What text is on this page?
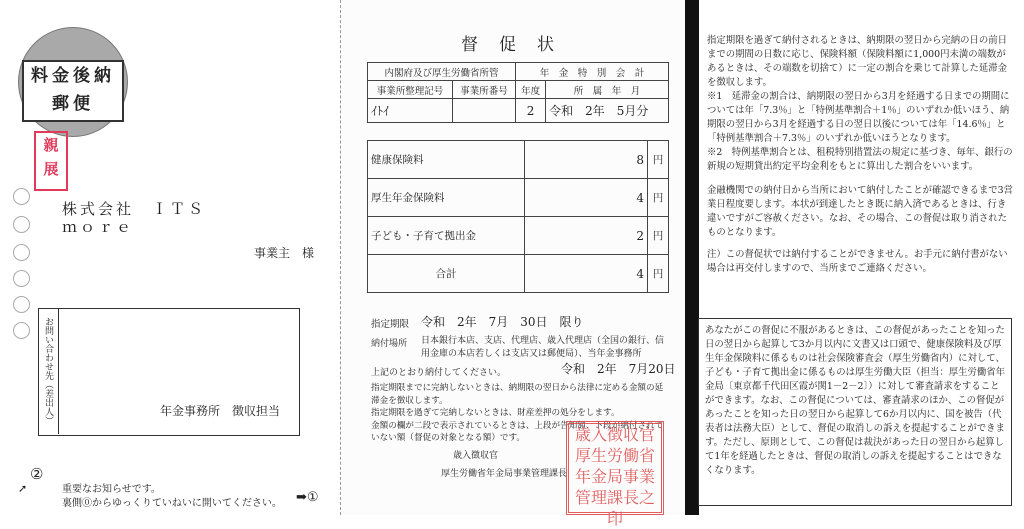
料金後納
郵便
親
展
株式会社　ＩＴＳ
ｍｏｒｅ
事業主　様
お問い合わせ先（差出人）	年金事務所　徴収担当
②
➚	重要なお知らせです。
裏側⓪からゆっくりていねいに開いてください。 ➡①
督　促　状
内閣府及び厚生労働省所管		年　金　特　別　会　計	
事業所整理記号	事業所番号	年度	所　属　年　月
ｲﾄｲ		2	令和　2年　5月分
健康保険料	8	円
厚生年金保険料	4	円
子ども・子育て拠出金	2	円
合計	4	円
指定期限 令和　2年　7月　30日　限り
納付場所 日本銀行本店、支店、代理店、歳入代理店（全国の銀行、信用金庫の本店若しくは支店又は郵便局）、当年金事務所
上記のとおり納付してください。	令和　2年　7月20日
指定期限までに完納しないときは、納期限の翌日から法律に定める金額の延滞金を徴収します。
指定期限を過ぎて完納しないときは、財産差押の処分をします。
金額の欄が二段で表示されているときは、上段が告知額、下段が納付されていない額（督促の対象となる額）です。
歳入徴収官
厚生労働省年金局事業管理課長
歳入徴収官厚生労働省年金局事業管理課長之印
指定期限を過ぎて納付されるときは、納期限の翌日から完納の日の前日までの期間の日数に応じ、保険料額（保険料額に1,000円未満の端数があるときは、その端数を切捨て）に一定の割合を乗じて計算した延滞金を徴収します。
※1　延滞金の割合は、納期限の翌日から3月を経過する日までの期間については年「7.3％」と「特例基準割合＋1％」のいずれか低いほう、納期限の翌日から3月を経過する日の翌日以後については年「14.6％」と「特例基準割合＋7.3％」のいずれか低いほうとなります。
※2　特例基準割合とは、租税特別措置法の規定に基づき、毎年、銀行の新規の短期貸出約定平均金利をもとに算出した割合をいいます。
金融機関での納付日から当所において納付したことが確認できるまで3営業日程度要します。本状が到達したとき既に納入済であるときは、行き違いですがご容赦ください。なお、その場合、この督促は取り消されたものとなります。
注）この督促状では納付することができません。お手元に納付書がない場合は再交付しますので、当所までご連絡ください。
あなたがこの督促に不服があるときは、この督促があったことを知った日の翌日から起算して3か月以内に文書又は口頭で、健康保険料及び厚生年金保険料に係るものは社会保険審査会（厚生労働省内）に対して、子ども・子育て拠出金に係るものは厚生労働大臣（担当：厚生労働省年金局〔東京都千代田区霞が関1－2－2〕）に対して審査請求をすることができます。なお、この督促については、審査請求のほか、この督促があったことを知った日の翌日から起算して6か月以内に、国を被告（代表者は法務大臣）として、督促の取消しの訴えを提起することができます。ただし、原則として、この督促は裁決があった日の翌日から起算して1年を経過したときは、督促の取消しの訴えを提起することはできなくなります。
